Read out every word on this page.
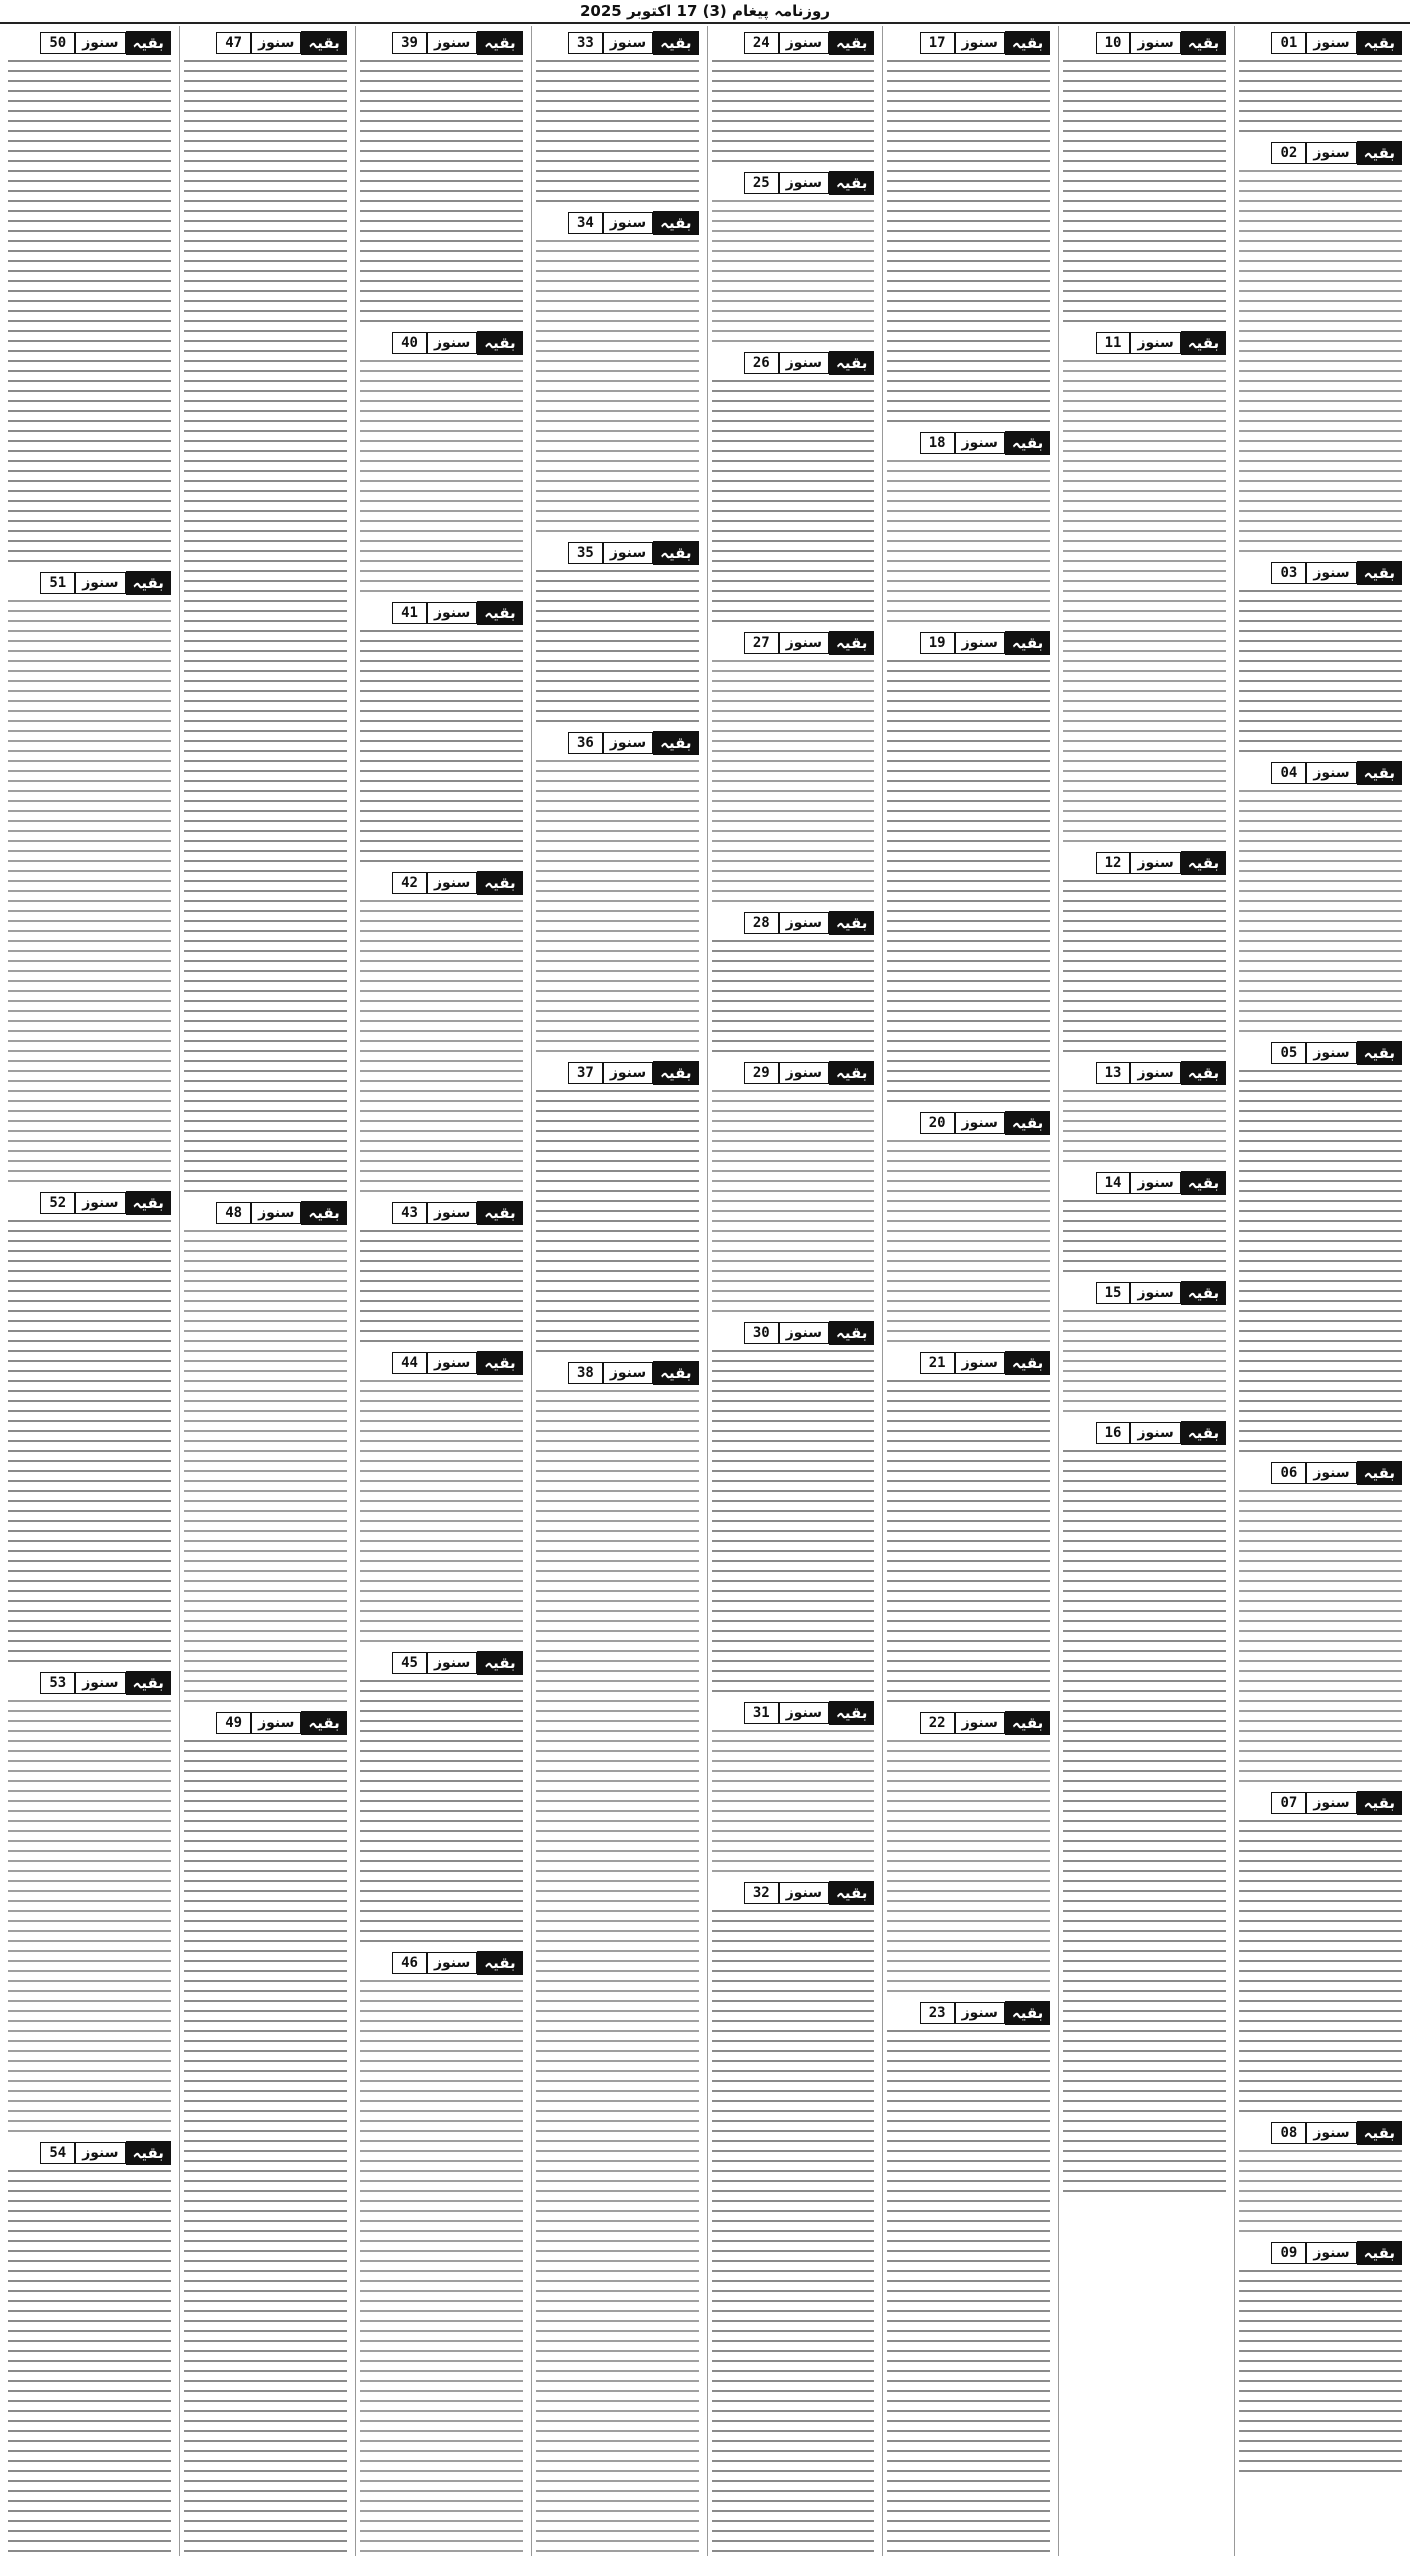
روزنامہ پیغام (3) 17 اکتوبر 2025
بقیہ
سنوز
01
بقیہ
سنوز
02
بقیہ
سنوز
03
بقیہ
سنوز
04
بقیہ
سنوز
05
بقیہ
سنوز
06
بقیہ
سنوز
07
بقیہ
سنوز
08
بقیہ
سنوز
09
بقیہ
سنوز
10
بقیہ
سنوز
11
بقیہ
سنوز
12
بقیہ
سنوز
13
بقیہ
سنوز
14
بقیہ
سنوز
15
بقیہ
سنوز
16
بقیہ
سنوز
17
بقیہ
سنوز
18
بقیہ
سنوز
19
بقیہ
سنوز
20
بقیہ
سنوز
21
بقیہ
سنوز
22
بقیہ
سنوز
23
بقیہ
سنوز
24
بقیہ
سنوز
25
بقیہ
سنوز
26
بقیہ
سنوز
27
بقیہ
سنوز
28
بقیہ
سنوز
29
بقیہ
سنوز
30
بقیہ
سنوز
31
بقیہ
سنوز
32
بقیہ
سنوز
33
بقیہ
سنوز
34
بقیہ
سنوز
35
بقیہ
سنوز
36
بقیہ
سنوز
37
بقیہ
سنوز
38
بقیہ
سنوز
39
بقیہ
سنوز
40
بقیہ
سنوز
41
بقیہ
سنوز
42
بقیہ
سنوز
43
بقیہ
سنوز
44
بقیہ
سنوز
45
بقیہ
سنوز
46
بقیہ
سنوز
47
بقیہ
سنوز
48
بقیہ
سنوز
49
بقیہ
سنوز
50
بقیہ
سنوز
51
بقیہ
سنوز
52
بقیہ
سنوز
53
بقیہ
سنوز
54
